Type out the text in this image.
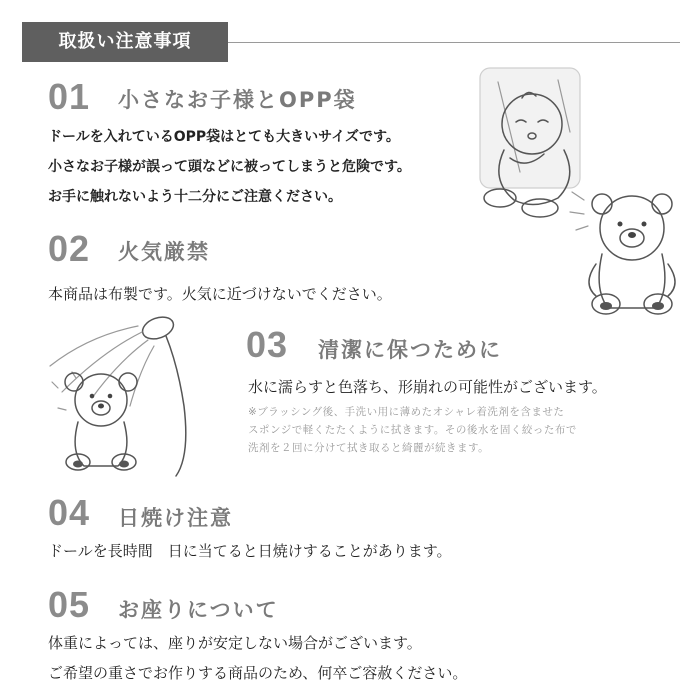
取扱い注意事項
01 小さなお子様とOPP袋
ドールを入れているOPP袋はとても大きいサイズです。
小さなお子様が誤って頭などに被ってしまうと危険です。
お手に触れないよう十二分にご注意ください。
02 火気厳禁
本商品は布製です。火気に近づけないでください。
03 清潔に保つために
水に濡らすと色落ち、形崩れの可能性がございます。
※ブラッシング後、手洗い用に薄めたオシャレ着洗剤を含ませた
スポンジで軽くたたくように拭きます。その後水を固く絞った布で
洗剤を２回に分けて拭き取ると綺麗が続きます。
04 日焼け注意
ドールを長時間　日に当てると日焼けすることがあります。
05 お座りについて
体重によっては、座りが安定しない場合がございます。
ご希望の重さでお作りする商品のため、何卒ご容赦ください。
